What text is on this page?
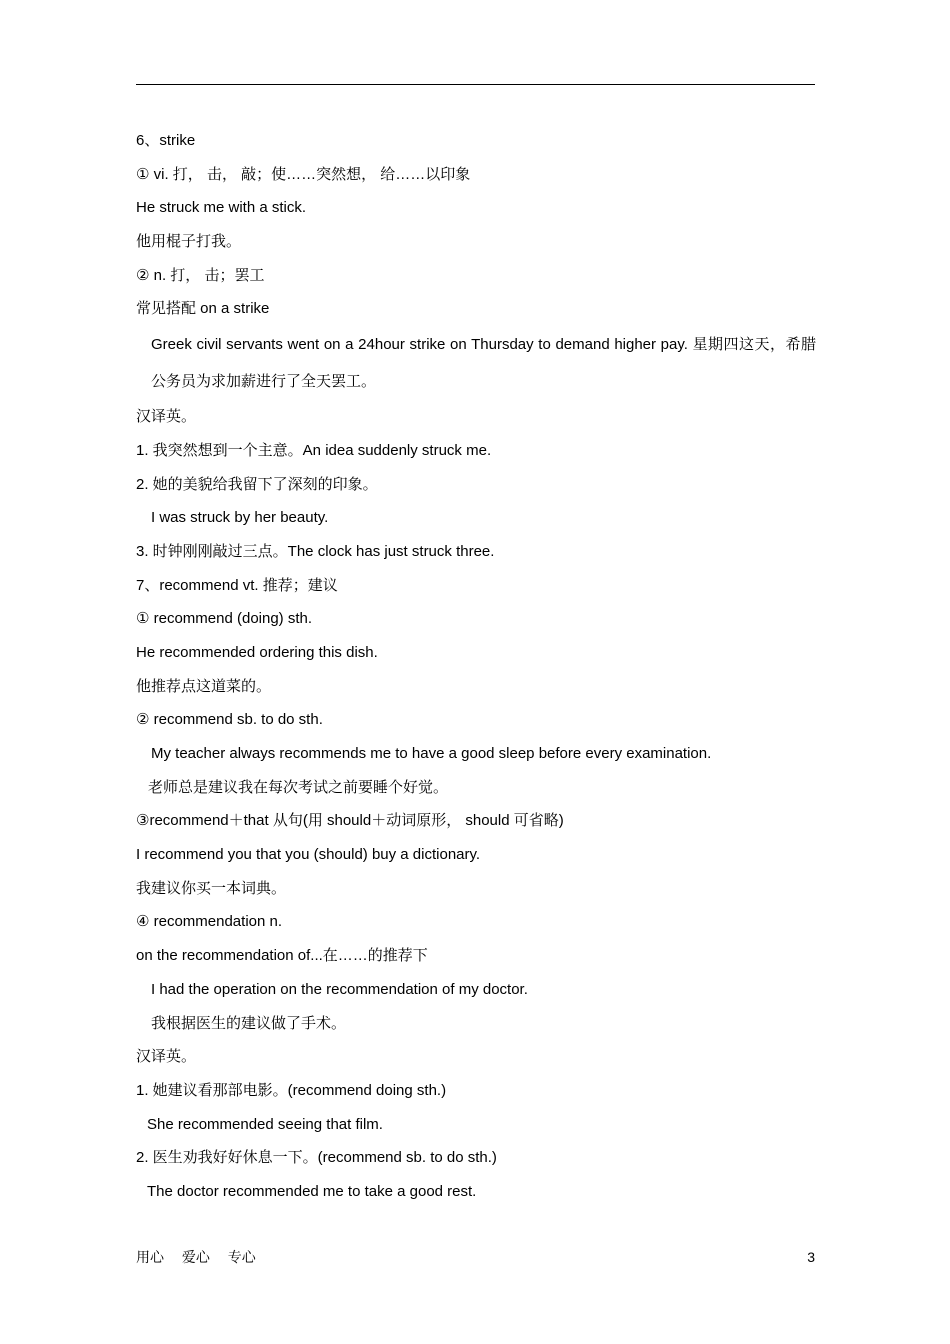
6、strike
① vi. 打， 击， 敲；使……突然想， 给……以印象
He struck me with a stick.
他用棍子打我。
② n. 打， 击；罢工
常见搭配 on a strike
Greek civil servants went on a 24hour strike on Thursday to demand higher pay. 星期四这天，希腊公务员为求加薪进行了全天罢工。
汉译英。
1. 我突然想到一个主意。An idea suddenly struck me.
2. 她的美貌给我留下了深刻的印象。
I was struck by her beauty.
3. 时钟刚刚敲过三点。The clock has just struck three.
7、recommend vt. 推荐；建议
① recommend (doing) sth.
He recommended ordering this dish.
他推荐点这道菜的。
② recommend sb. to do sth.
My teacher always recommends me to have a good sleep before every examination.
老师总是建议我在每次考试之前要睡个好觉。
③recommend＋that 从句(用 should＋动词原形， should 可省略)
I recommend you that you (should) buy a dictionary.
我建议你买一本词典。
④ recommendation n.
on the recommendation of...在……的推荐下
I had the operation on the recommendation of my doctor.
我根据医生的建议做了手术。
汉译英。
1. 她建议看那部电影。(recommend doing sth.)
She recommended seeing that film.
2. 医生劝我好好休息一下。(recommend sb. to do sth.)
The doctor recommended me to take a good rest.
用心　 爱心　 专心	3
